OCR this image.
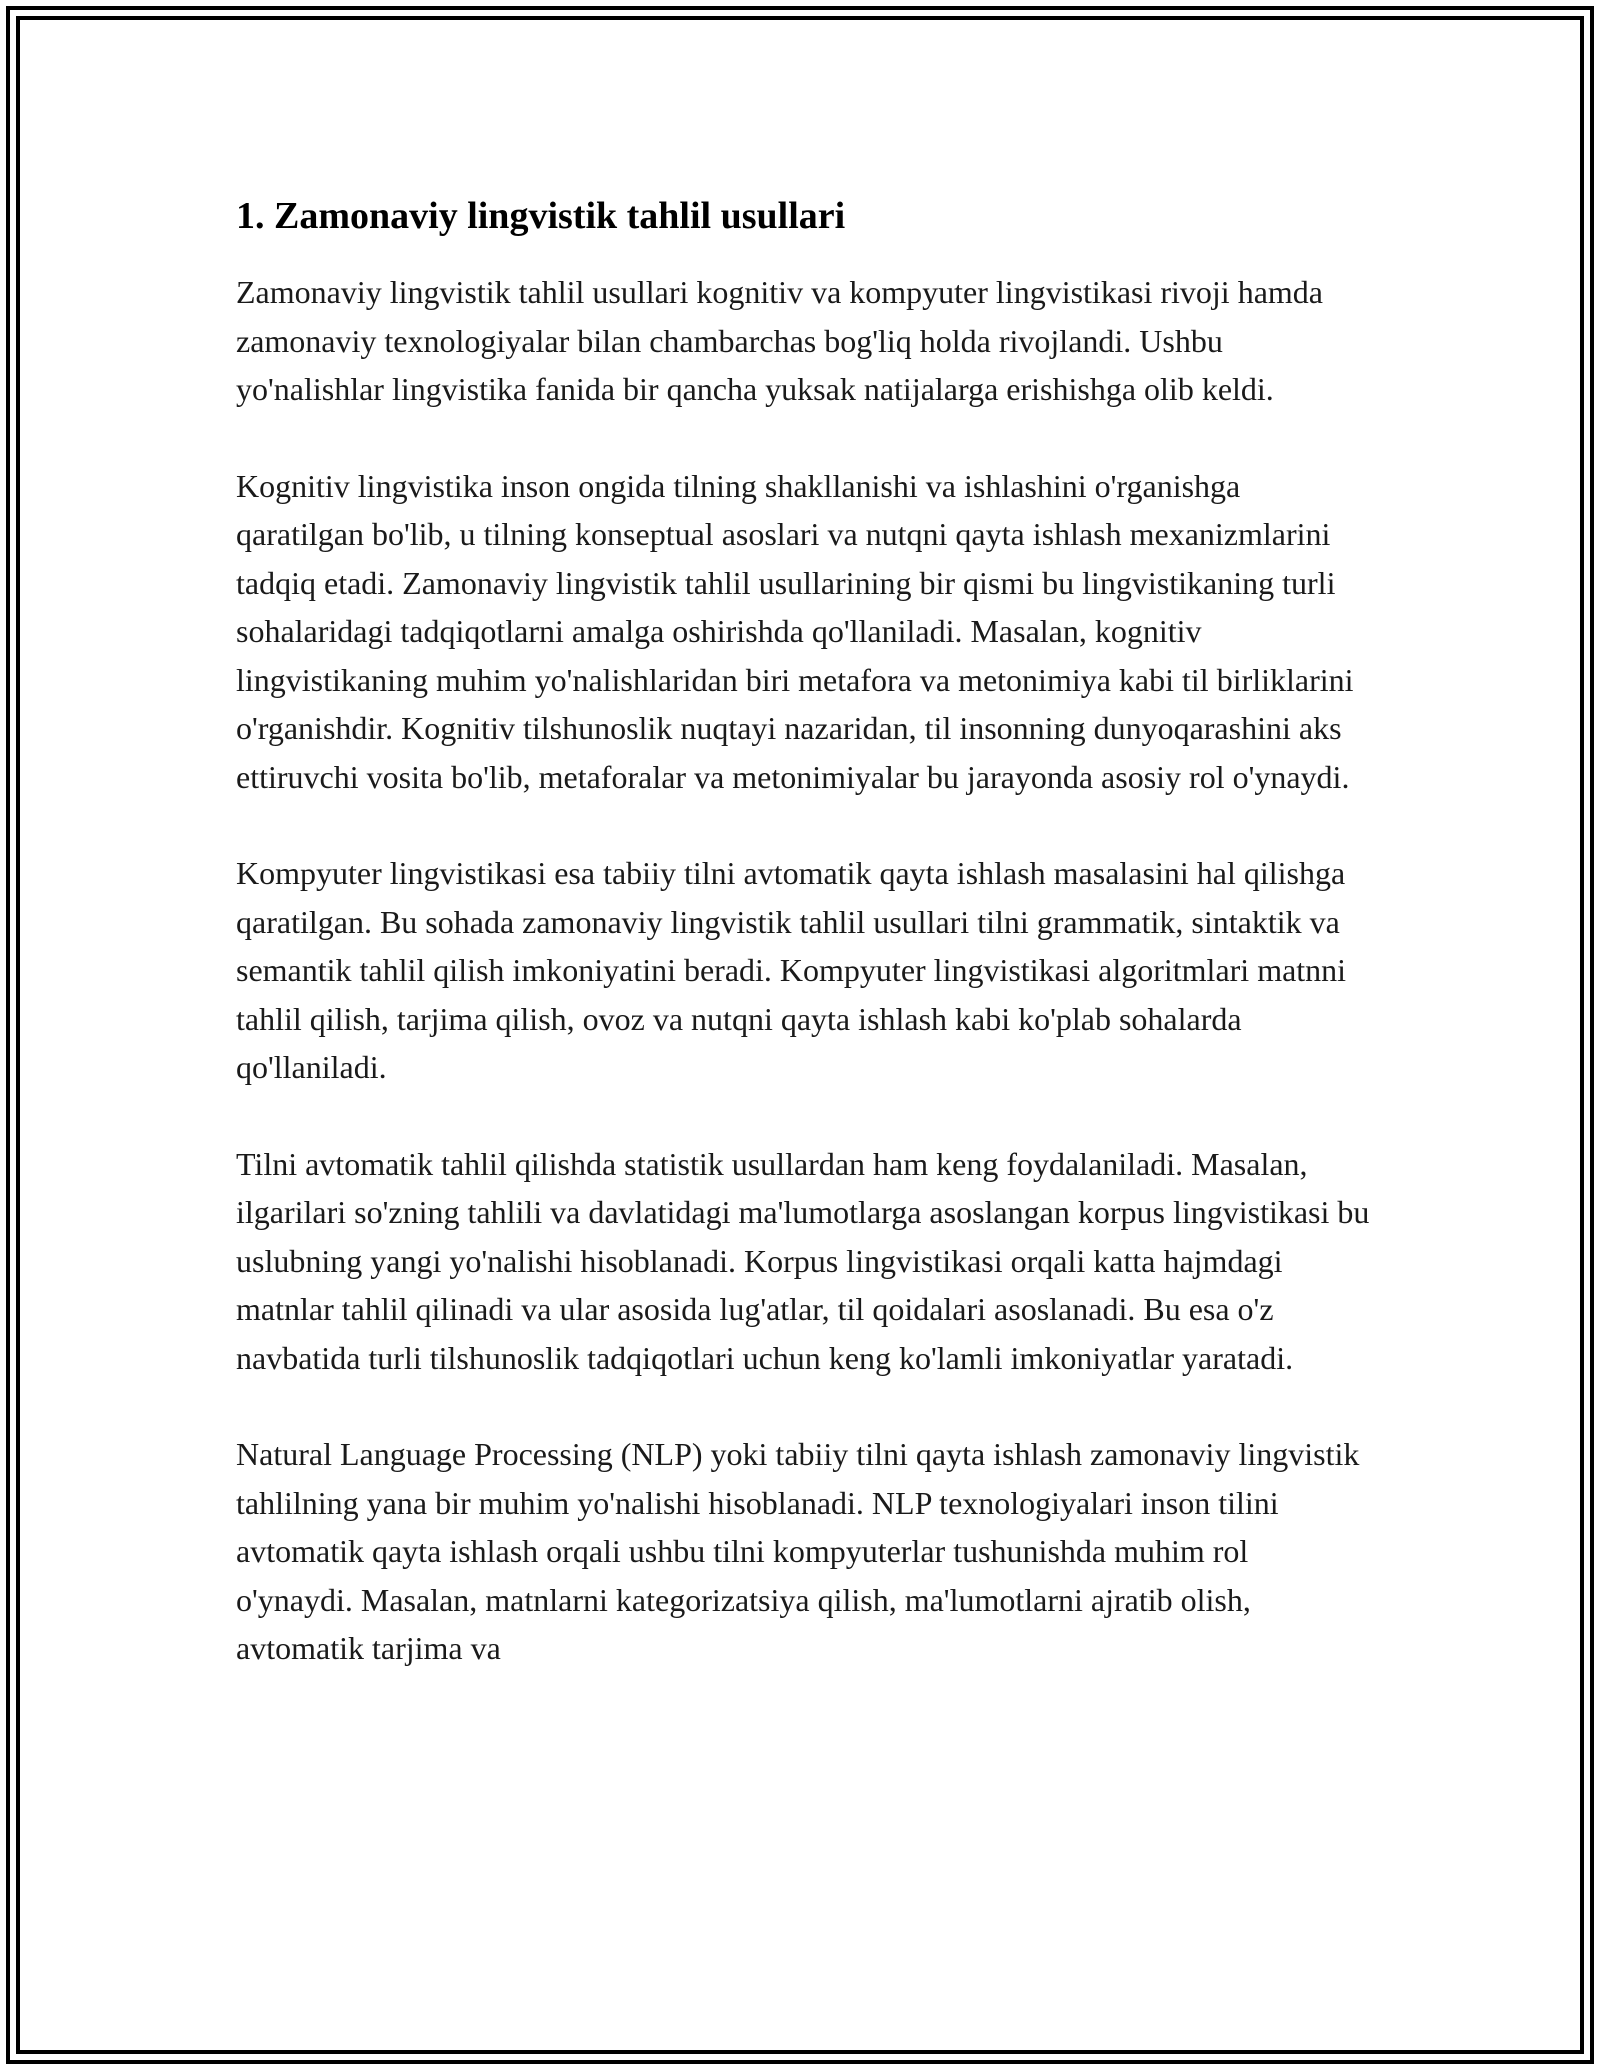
1. Zamonaviy lingvistik tahlil usullari

Zamonaviy lingvistik tahlil usullari kognitiv va kompyuter lingvistikasi rivoji hamda zamonaviy texnologiyalar bilan chambarchas bog'liq holda rivojlandi. Ushbu yo'nalishlar lingvistika fanida bir qancha yuksak natijalarga erishishga olib keldi.

Kognitiv lingvistika inson ongida tilning shakllanishi va ishlashini o'rganishga qaratilgan bo'lib, u tilning konseptual asoslari va nutqni qayta ishlash mexanizmlarini tadqiq etadi. Zamonaviy lingvistik tahlil usullarining bir qismi bu lingvistikaning turli sohalaridagi tadqiqotlarni amalga oshirishda qo'llaniladi. Masalan, kognitiv lingvistikaning muhim yo'nalishlaridan biri metafora va metonimiya kabi til birliklarini o'rganishdir. Kognitiv tilshunoslik nuqtayi nazaridan, til insonning dunyoqarashini aks ettiruvchi vosita bo'lib, metaforalar va metonimiyalar bu jarayonda asosiy rol o'ynaydi.

Kompyuter lingvistikasi esa tabiiy tilni avtomatik qayta ishlash masalasini hal qilishga qaratilgan. Bu sohada zamonaviy lingvistik tahlil usullari tilni grammatik, sintaktik va semantik tahlil qilish imkoniyatini beradi. Kompyuter lingvistikasi algoritmlari matnni tahlil qilish, tarjima qilish, ovoz va nutqni qayta ishlash kabi ko'plab sohalarda qo'llaniladi.

Tilni avtomatik tahlil qilishda statistik usullardan ham keng foydalaniladi. Masalan, ilgarilari so'zning tahlili va davlatidagi ma'lumotlarga asoslangan korpus lingvistikasi bu uslubning yangi yo'nalishi hisoblanadi. Korpus lingvistikasi orqali katta hajmdagi matnlar tahlil qilinadi va ular asosida lug'atlar, til qoidalari asoslanadi. Bu esa o'z navbatida turli tilshunoslik tadqiqotlari uchun keng ko'lamli imkoniyatlar yaratadi.

Natural Language Processing (NLP) yoki tabiiy tilni qayta ishlash zamonaviy lingvistik tahlilning yana bir muhim yo'nalishi hisoblanadi. NLP texnologiyalari inson tilini avtomatik qayta ishlash orqali ushbu tilni kompyuterlar tushunishda muhim rol o'ynaydi. Masalan, matnlarni kategorizatsiya qilish, ma'lumotlarni ajratib olish, avtomatik tarjima va
